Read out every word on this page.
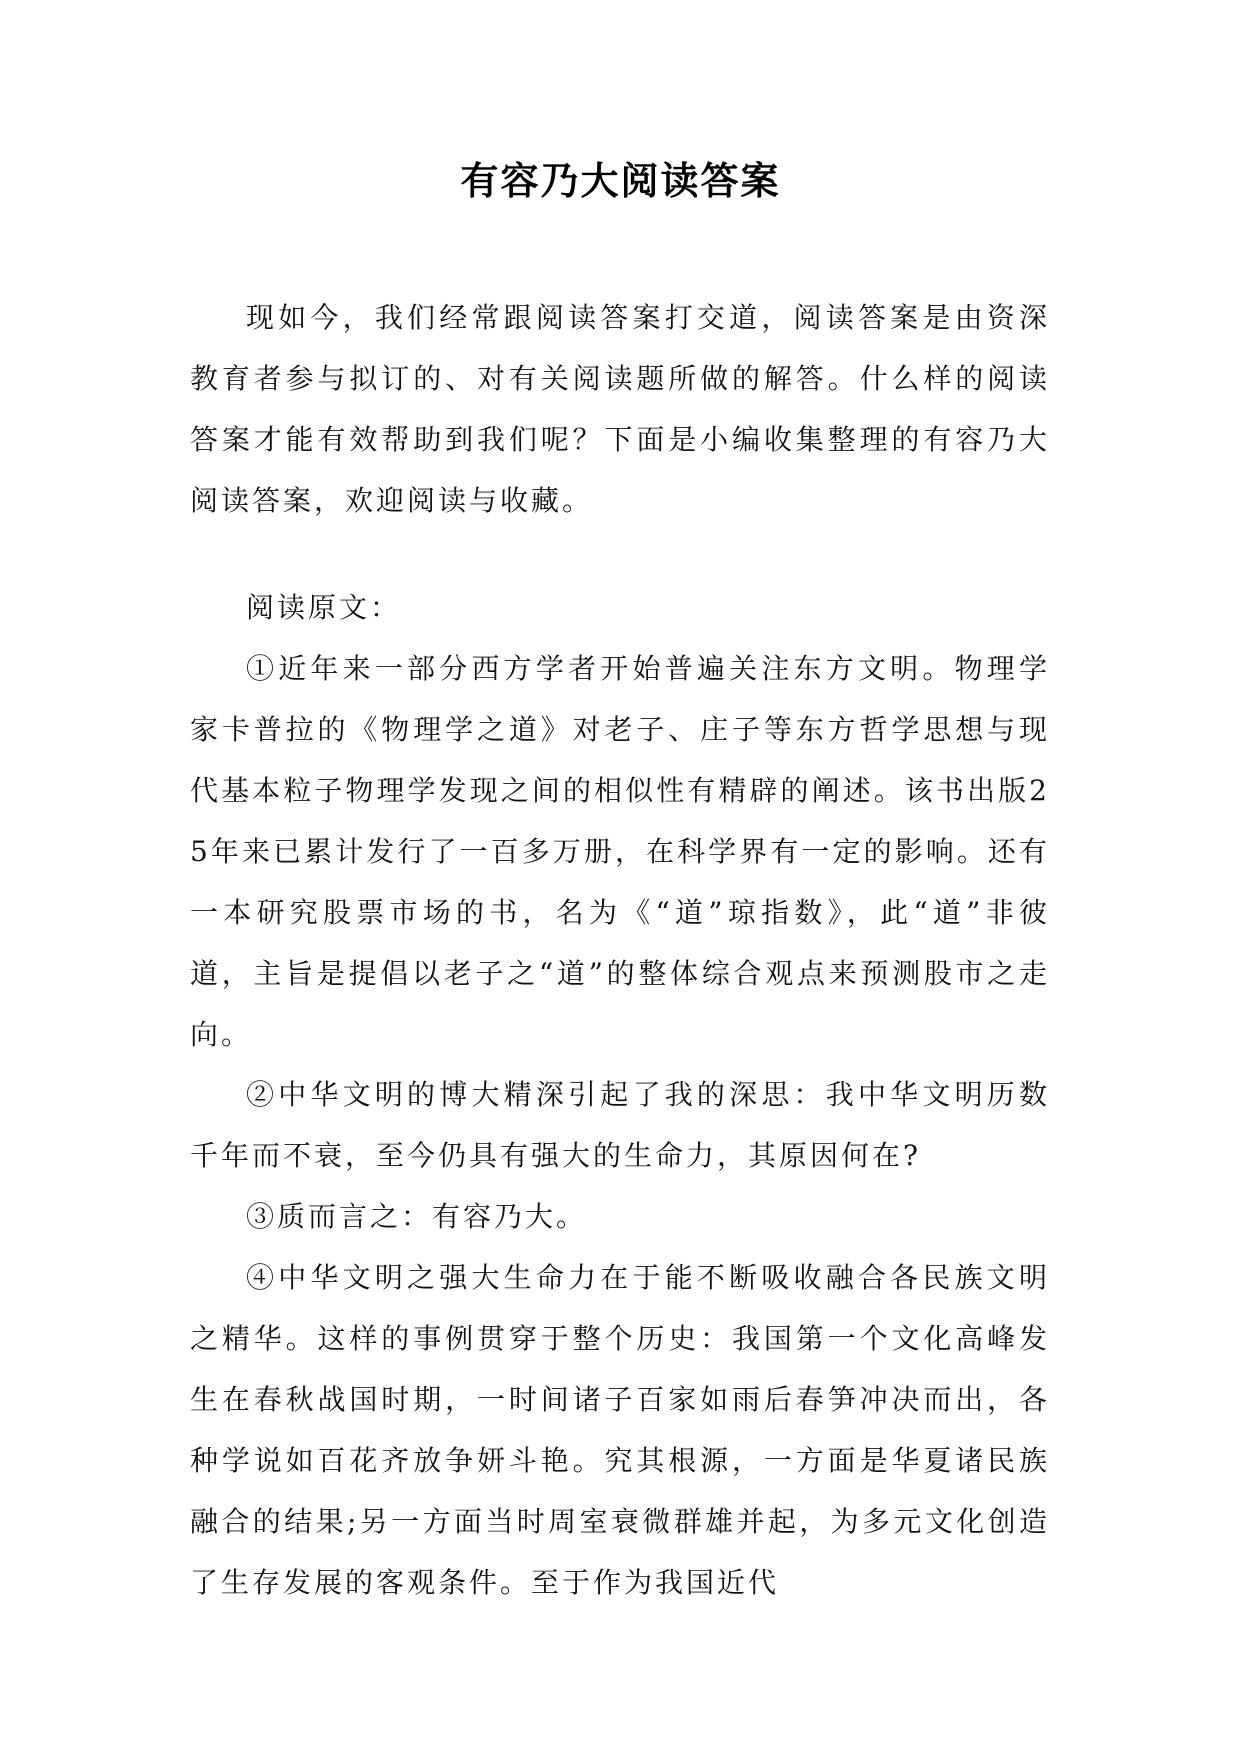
有容乃大阅读答案

现如今，我们经常跟阅读答案打交道，阅读答案是由资深教育者参与拟订的、对有关阅读题所做的解答。什么样的阅读答案才能有效帮助到我们呢？下面是小编收集整理的有容乃大阅读答案，欢迎阅读与收藏。

阅读原文：

①近年来一部分西方学者开始普遍关注东方文明。物理学家卡普拉的《物理学之道》对老子、庄子等东方哲学思想与现代基本粒子物理学发现之间的相似性有精辟的阐述。该书出版25年来已累计发行了一百多万册，在科学界有一定的影响。还有一本研究股票市场的书，名为《“道”琼指数》，此“道”非彼道，主旨是提倡以老子之“道”的整体综合观点来预测股市之走向。

②中华文明的博大精深引起了我的深思：我中华文明历数千年而不衰，至今仍具有强大的生命力，其原因何在?

③质而言之：有容乃大。

④中华文明之强大生命力在于能不断吸收融合各民族文明之精华。这样的事例贯穿于整个历史：我国第一个文化高峰发生在春秋战国时期，一时间诸子百家如雨后春笋冲决而出，各种学说如百花齐放争妍斗艳。究其根源，一方面是华夏诸民族融合的结果;另一方面当时周室衰微群雄并起，为多元文化创造了生存发展的客观条件。至于作为我国近代
